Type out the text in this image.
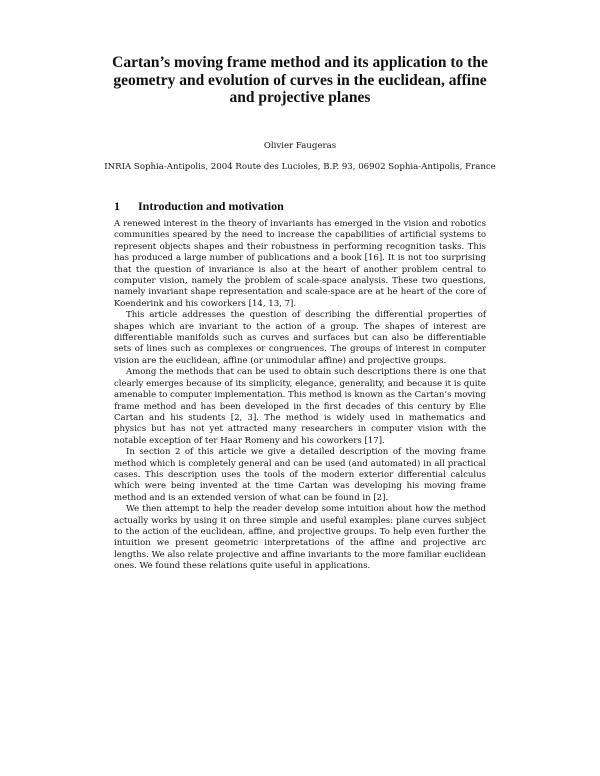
Cartan’s moving frame method and its application to the geometry and evolution of curves in the euclidean, affine and projective planes
Olivier Faugeras
INRIA Sophia-Antipolis, 2004 Route des Lucioles, B.P. 93, 06902 Sophia-Antipolis, France
1 Introduction and motivation

A renewed interest in the theory of invariants has emerged in the vision and robotics communities speared by the need to increase the capabilities of artificial systems to represent objects shapes and their robustness in performing recognition tasks. This has produced a large number of publications and a book [16]. It is not too surprising that the question of invariance is also at the heart of another problem central to computer vision, namely the problem of scale-space analysis. These two questions, namely invariant shape representation and scale-space are at he heart of the core of Koenderink and his coworkers [14, 13, 7].

This article addresses the question of describing the differential properties of shapes which are invariant to the action of a group. The shapes of interest are differentiable manifolds such as curves and surfaces but can also be differentiable sets of lines such as complexes or congruences. The groups of interest in computer vision are the euclidean, affine (or unimodular affine) and projective groups.

Among the methods that can be used to obtain such descriptions there is one that clearly emerges because of its simplicity, elegance, generality, and because it is quite amenable to computer implementation. This method is known as the Cartan’s moving frame method and has been developed in the first decades of this century by Elie Cartan and his students [2, 3]. The method is widely used in mathematics and physics but has not yet attracted many researchers in computer vision with the notable exception of ter Haar Romeny and his coworkers [17].

In section 2 of this article we give a detailed description of the moving frame method which is completely general and can be used (and automated) in all practical cases. This description uses the tools of the modern exterior differential calculus which were being invented at the time Cartan was developing his moving frame method and is an extended version of what can be found in [2].

We then attempt to help the reader develop some intuition about how the method actually works by using it on three simple and useful examples: plane curves subject to the action of the euclidean, affine, and projective groups. To help even further the intuition we present geometric interpretations of the affine and projective arc lengths. We also relate projective and affine invariants to the more familiar euclidean ones. We found these relations quite useful in applications.
